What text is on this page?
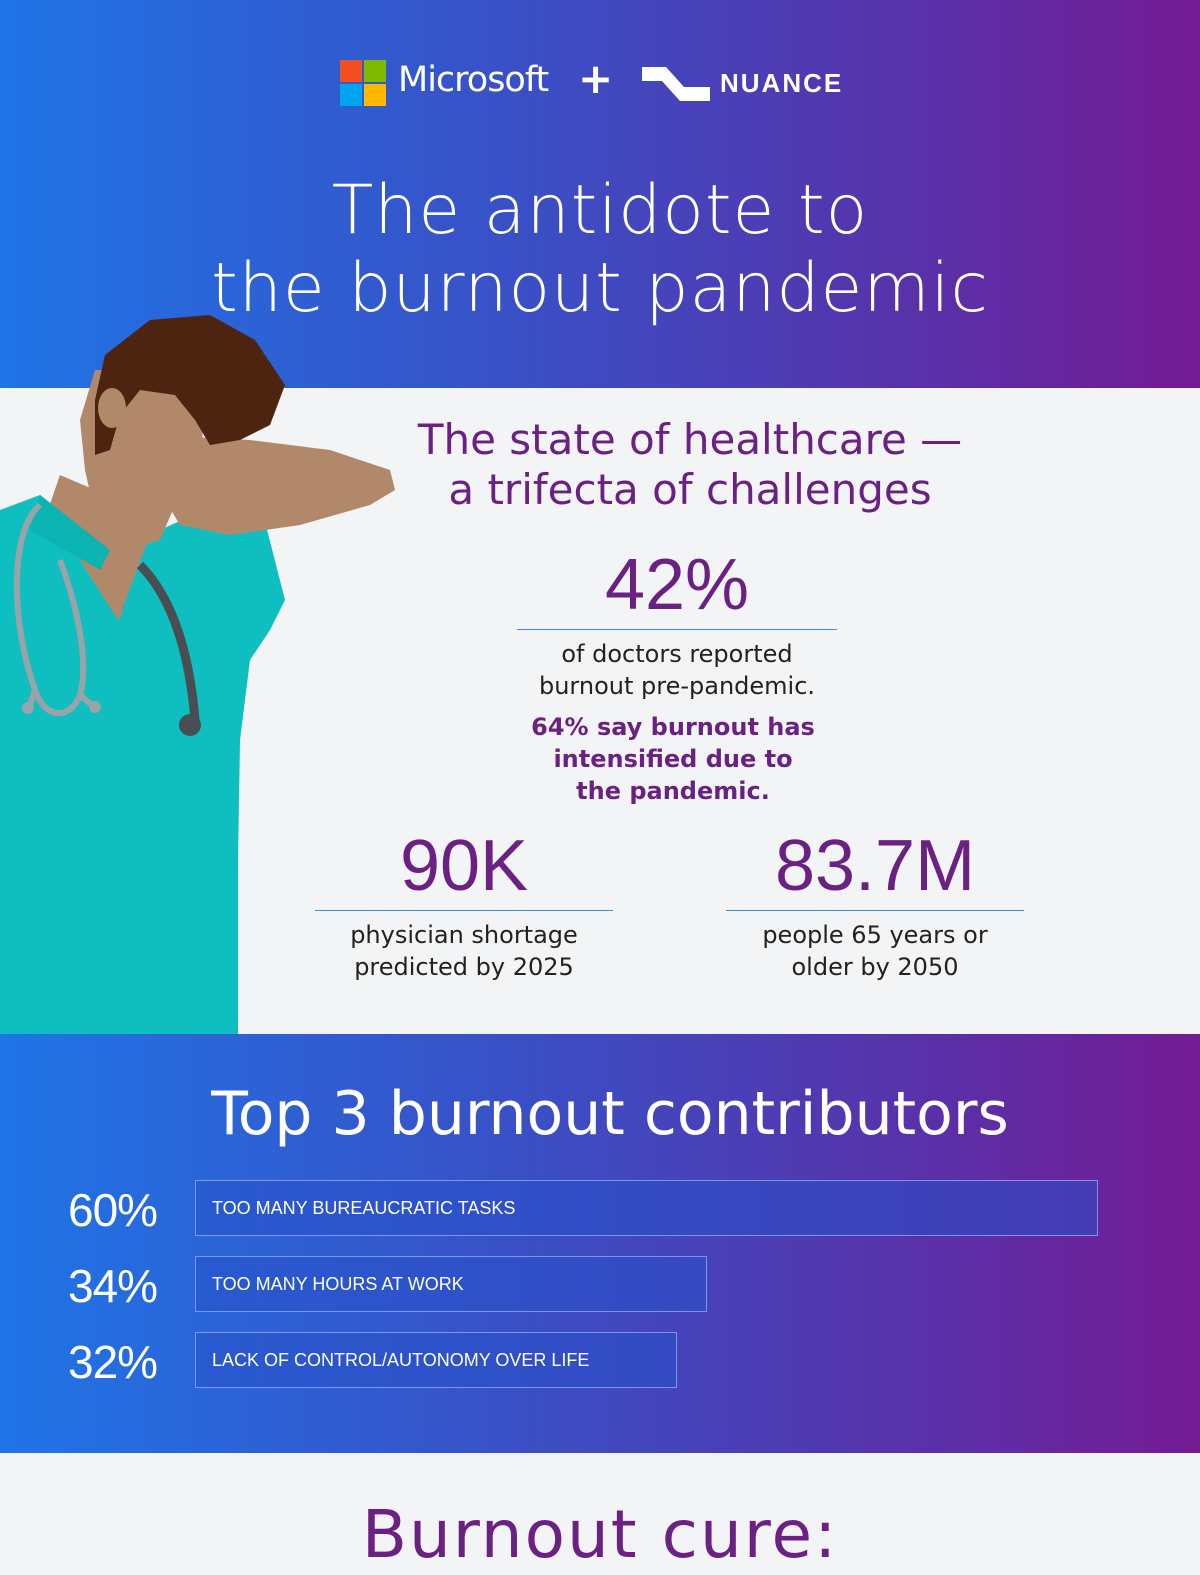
Microsoft +	NUANCE
The antidote to
the burnout pandemic
The state of healthcare —
a trifecta of challenges
42%
of doctors reported
burnout pre-pandemic.
64% say burnout has
intensified due to
the pandemic.
90K
physician shortage
predicted by 2025
83.7M
people 65 years or
older by 2050
Top 3 burnout contributors
60%	TOO MANY BUREAUCRATIC TASKS
34%	TOO MANY HOURS AT WORK
32%	LACK OF CONTROL/AUTONOMY OVER LIFE
Burnout cure:
